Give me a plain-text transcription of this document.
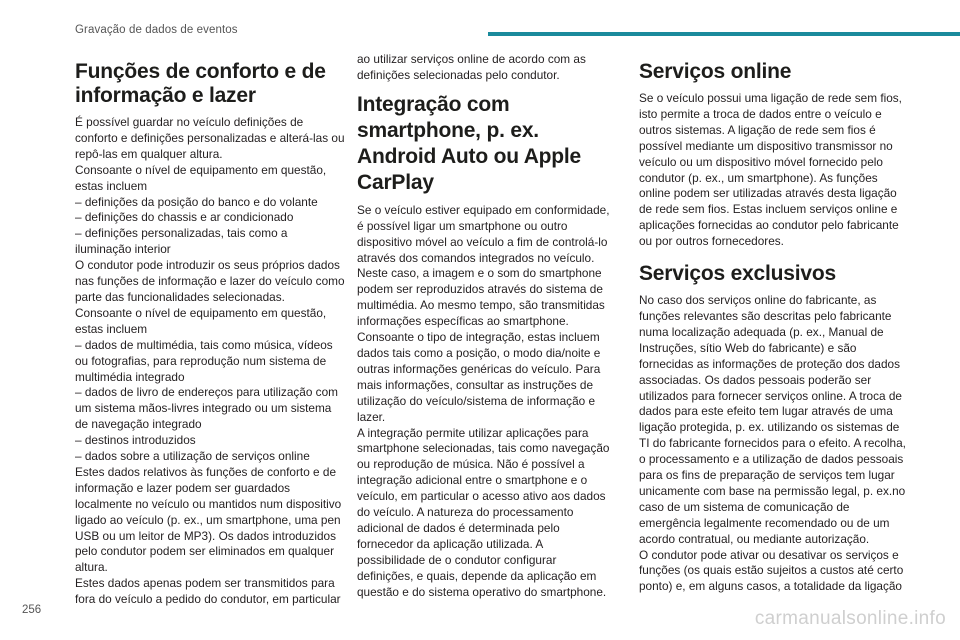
Gravação de dados de eventos
Funções de conforto e de informação e lazer

É possível guardar no veículo definições de conforto e definições personalizadas e alterá-las ou repô-las em qualquer altura.
Consoante o nível de equipamento em questão, estas incluem
– definições da posição do banco e do volante
– definições do chassis e ar condicionado
– definições personalizadas, tais como a iluminação interior
O condutor pode introduzir os seus próprios dados nas funções de informação e lazer do veículo como parte das funcionalidades selecionadas.
Consoante o nível de equipamento em questão, estas incluem
– dados de multimédia, tais como música, vídeos ou fotografias, para reprodução num sistema de multimédia integrado
– dados de livro de endereços para utilização com um sistema mãos-livres integrado ou um sistema de navegação integrado
– destinos introduzidos
– dados sobre a utilização de serviços online
Estes dados relativos às funções de conforto e de informação e lazer podem ser guardados localmente no veículo ou mantidos num dispositivo ligado ao veículo (p. ex., um smartphone, uma pen USB ou um leitor de MP3). Os dados introduzidos pelo condutor podem ser eliminados em qualquer altura.
Estes dados apenas podem ser transmitidos para fora do veículo a pedido do condutor, em particular

ao utilizar serviços online de acordo com as definições selecionadas pelo condutor.

Integração com smartphone, p. ex. Android Auto ou Apple CarPlay

Se o veículo estiver equipado em conformidade, é possível ligar um smartphone ou outro dispositivo móvel ao veículo a fim de controlá-lo através dos comandos integrados no veículo. Neste caso, a imagem e o som do smartphone podem ser reproduzidos através do sistema de multimédia. Ao mesmo tempo, são transmitidas informações específicas ao smartphone. Consoante o tipo de integração, estas incluem dados tais como a posição, o modo dia/noite e outras informações genéricas do veículo. Para mais informações, consultar as instruções de utilização do veículo/sistema de informação e lazer.
A integração permite utilizar aplicações para smartphone selecionadas, tais como navegação ou reprodução de música. Não é possível a integração adicional entre o smartphone e o veículo, em particular o acesso ativo aos dados do veículo. A natureza do processamento adicional de dados é determinada pelo fornecedor da aplicação utilizada. A possibilidade de o condutor configurar definições, e quais, depende da aplicação em questão e do sistema operativo do smartphone.

Serviços online

Se o veículo possui uma ligação de rede sem fios, isto permite a troca de dados entre o veículo e outros sistemas. A ligação de rede sem fios é possível mediante um dispositivo transmissor no veículo ou um dispositivo móvel fornecido pelo condutor (p. ex., um smartphone). As funções online podem ser utilizadas através desta ligação de rede sem fios. Estas incluem serviços online e aplicações fornecidas ao condutor pelo fabricante ou por outros fornecedores.

Serviços exclusivos

No caso dos serviços online do fabricante, as funções relevantes são descritas pelo fabricante numa localização adequada (p. ex., Manual de Instruções, sítio Web do fabricante) e são fornecidas as informações de proteção dos dados associadas. Os dados pessoais poderão ser utilizados para fornecer serviços online. A troca de dados para este efeito tem lugar através de uma ligação protegida, p. ex. utilizando os sistemas de TI do fabricante fornecidos para o efeito. A recolha, o processamento e a utilização de dados pessoais para os fins de preparação de serviços tem lugar unicamente com base na permissão legal, p. ex.no caso de um sistema de comunicação de emergência legalmente recomendado ou de um acordo contratual, ou mediante autorização.
O condutor pode ativar ou desativar os serviços e funções (os quais estão sujeitos a custos até certo ponto) e, em alguns casos, a totalidade da ligação

256	carmanualsonline.info
